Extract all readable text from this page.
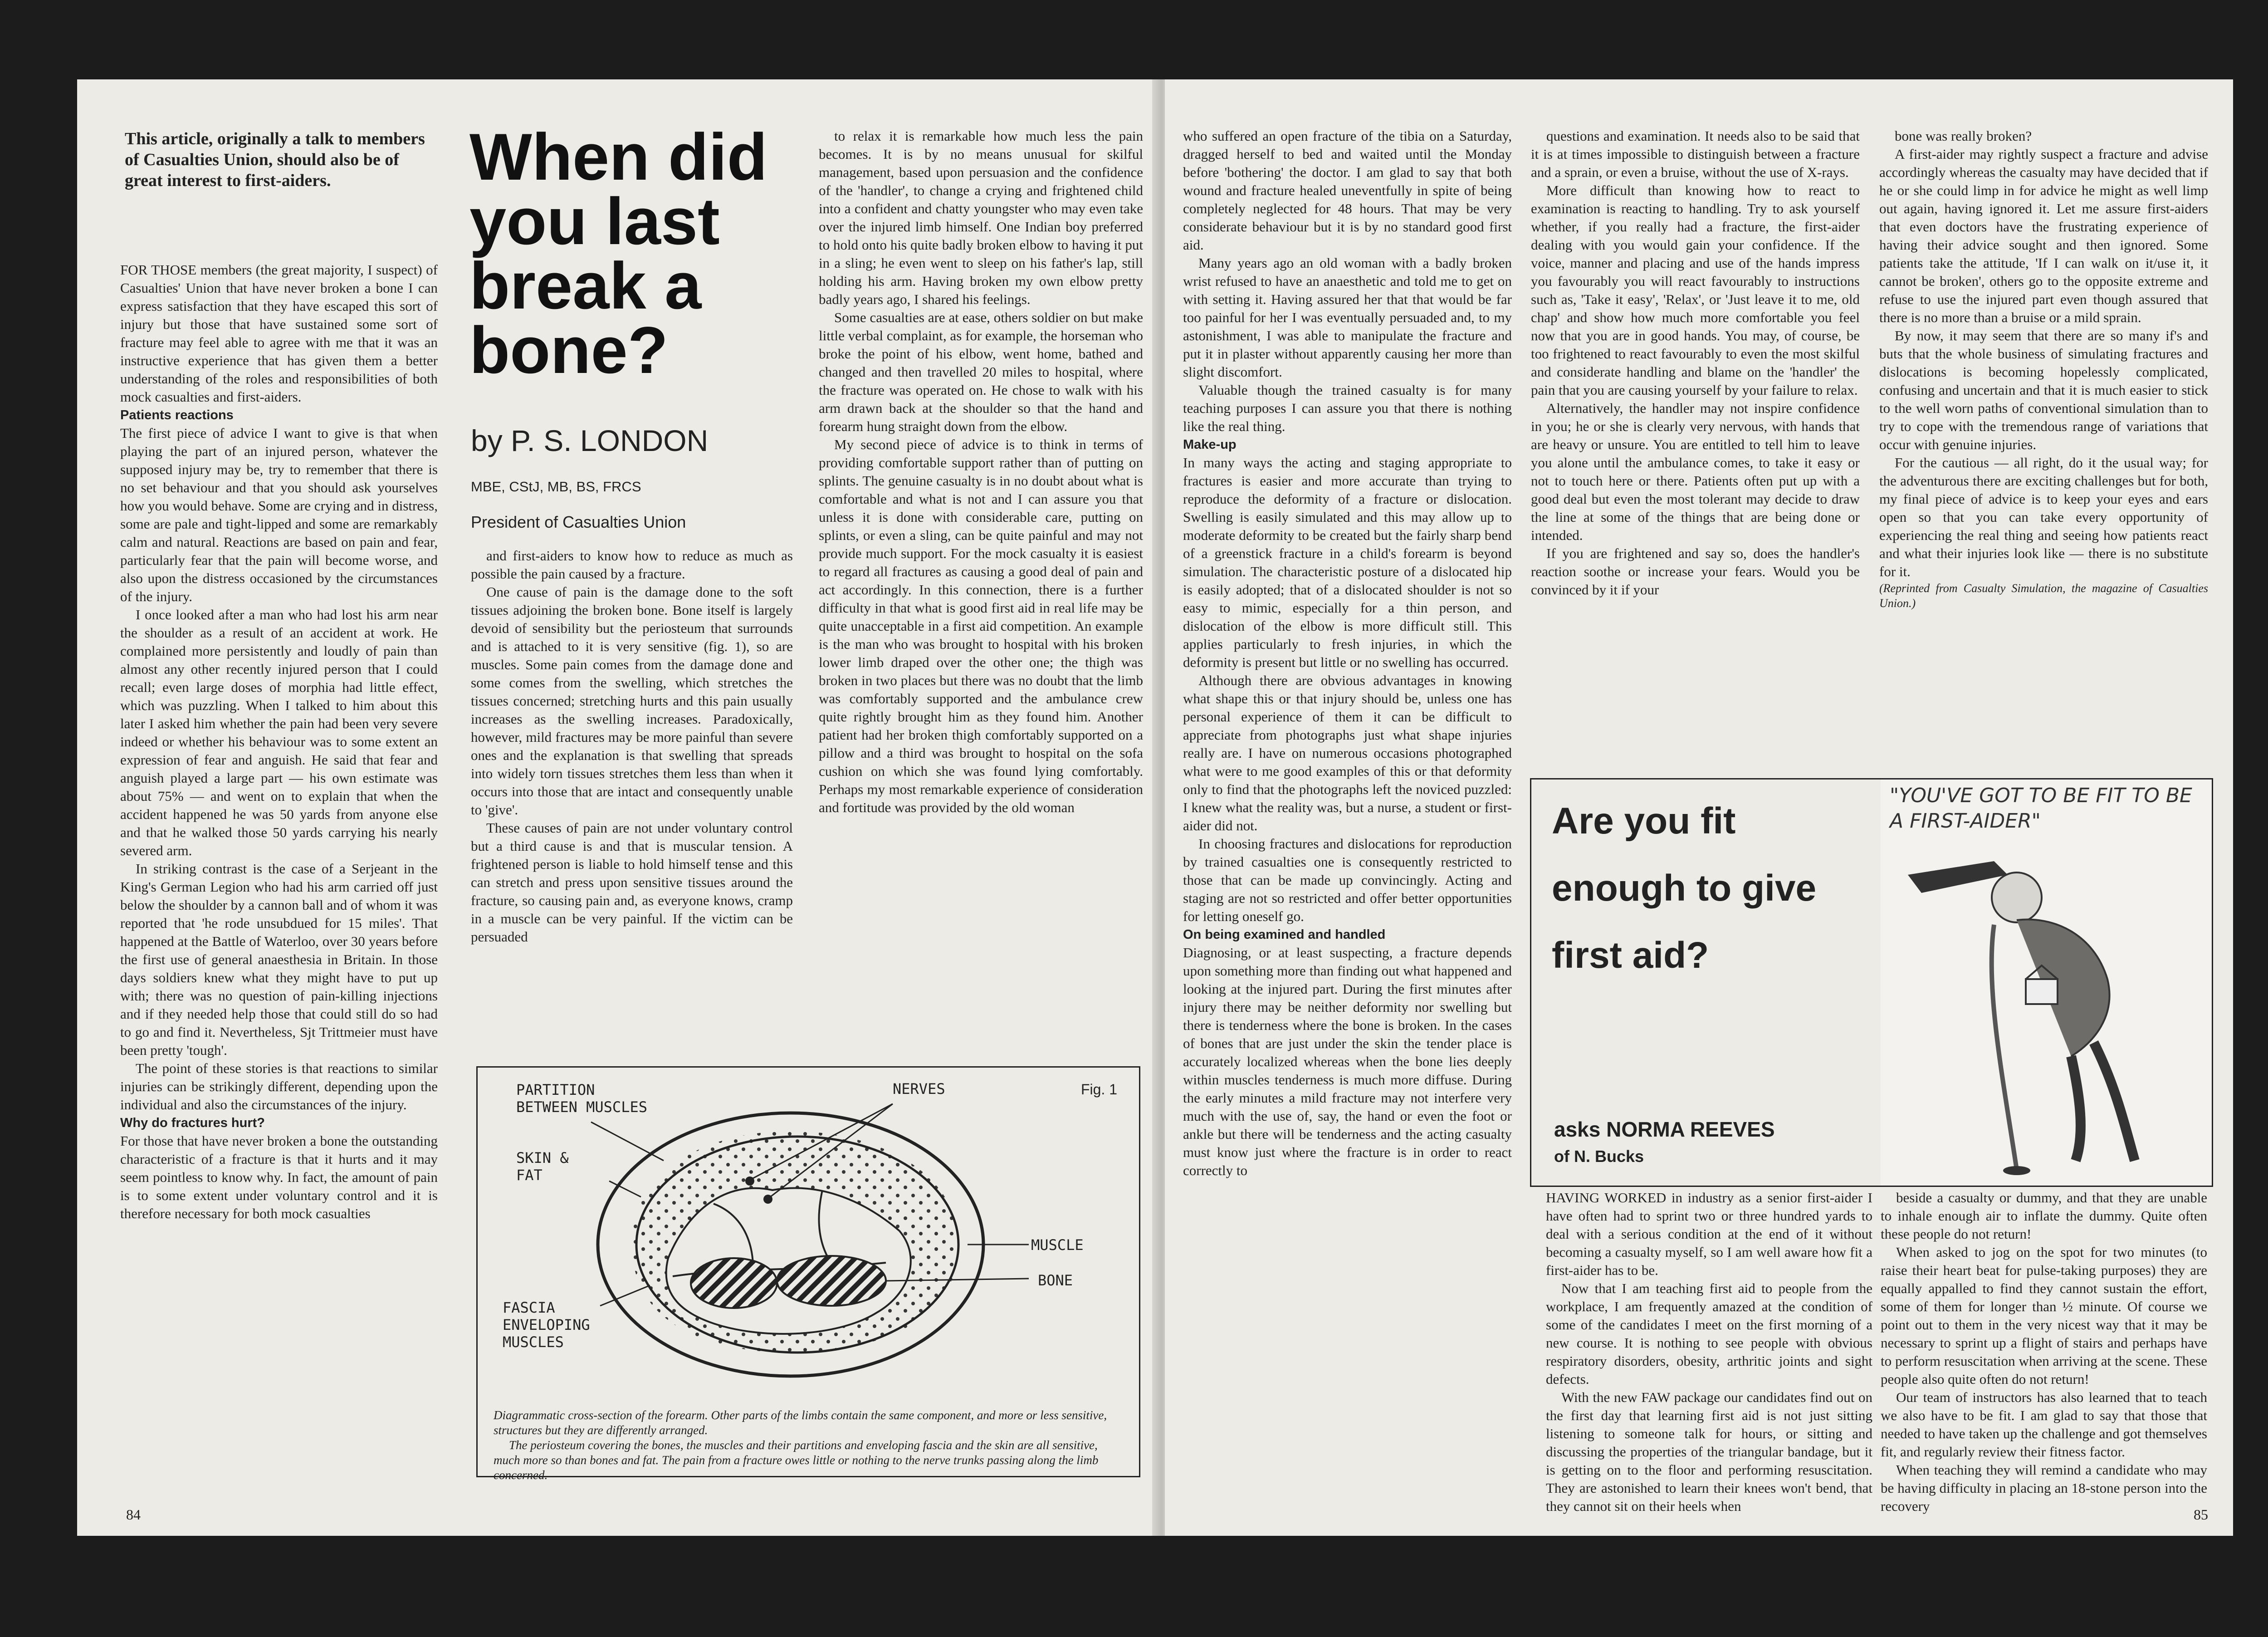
This article, originally a talk to members of Casualties Union, should also be of great interest to first-aiders.

FOR THOSE members (the great majority, I suspect) of Casualties' Union that have never broken a bone I can express satisfaction that they have escaped this sort of injury but those that have sustained some sort of fracture may feel able to agree with me that it was an instructive experience that has given them a better understanding of the roles and responsibilities of both mock casualties and first-aiders.

Patients reactions

The first piece of advice I want to give is that when playing the part of an injured person, whatever the supposed injury may be, try to remember that there is no set behaviour and that you should ask yourselves how you would behave. Some are crying and in distress, some are pale and tight-lipped and some are remarkably calm and natural. Reactions are based on pain and fear, particularly fear that the pain will become worse, and also upon the distress occasioned by the circumstances of the injury.

I once looked after a man who had lost his arm near the shoulder as a result of an accident at work. He complained more persistently and loudly of pain than almost any other recently injured person that I could recall; even large doses of morphia had little effect, which was puzzling. When I talked to him about this later I asked him whether the pain had been very severe indeed or whether his behaviour was to some extent an expression of fear and anguish. He said that fear and anguish played a large part — his own estimate was about 75% — and went on to explain that when the accident happened he was 50 yards from anyone else and that he walked those 50 yards carrying his nearly severed arm.

In striking contrast is the case of a Serjeant in the King's German Legion who had his arm carried off just below the shoulder by a cannon ball and of whom it was reported that 'he rode unsubdued for 15 miles'. That happened at the Battle of Waterloo, over 30 years before the first use of general anaesthesia in Britain. In those days soldiers knew what they might have to put up with; there was no question of pain-killing injections and if they needed help those that could still do so had to go and find it. Nevertheless, Sjt Trittmeier must have been pretty 'tough'.

The point of these stories is that reactions to similar injuries can be strikingly different, depending upon the individual and also the circumstances of the injury.

Why do fractures hurt?

For those that have never broken a bone the outstanding characteristic of a fracture is that it hurts and it may seem pointless to know why. In fact, the amount of pain is to some extent under voluntary control and it is therefore necessary for both mock casualties

When did you last break a bone?
by P. S. LONDON
MBE, CStJ, MB, BS, FRCS
President of Casualties Union

and first-aiders to know how to reduce as much as possible the pain caused by a fracture.

One cause of pain is the damage done to the soft tissues adjoining the broken bone. Bone itself is largely devoid of sensibility but the periosteum that surrounds and is attached to it is very sensitive (fig. 1), so are muscles. Some pain comes from the damage done and some comes from the swelling, which stretches the tissues concerned; stretching hurts and this pain usually increases as the swelling increases. Paradoxically, however, mild fractures may be more painful than severe ones and the explanation is that swelling that spreads into widely torn tissues stretches them less than when it occurs into those that are intact and consequently unable to 'give'.

These causes of pain are not under voluntary control but a third cause is and that is muscular tension. A frightened person is liable to hold himself tense and this can stretch and press upon sensitive tissues around the fracture, so causing pain and, as everyone knows, cramp in a muscle can be very painful. If the victim can be persuaded

to relax it is remarkable how much less the pain becomes. It is by no means unusual for skilful management, based upon persuasion and the confidence of the 'handler', to change a crying and frightened child into a confident and chatty youngster who may even take over the injured limb himself. One Indian boy preferred to hold onto his quite badly broken elbow to having it put in a sling; he even went to sleep on his father's lap, still holding his arm. Having broken my own elbow pretty badly years ago, I shared his feelings.

Some casualties are at ease, others soldier on but make little verbal complaint, as for example, the horseman who broke the point of his elbow, went home, bathed and changed and then travelled 20 miles to hospital, where the fracture was operated on. He chose to walk with his arm drawn back at the shoulder so that the hand and forearm hung straight down from the elbow.

My second piece of advice is to think in terms of providing comfortable support rather than of putting on splints. The genuine casualty is in no doubt about what is comfortable and what is not and I can assure you that unless it is done with considerable care, putting on splints, or even a sling, can be quite painful and may not provide much support. For the mock casualty it is easiest to regard all fractures as causing a good deal of pain and act accordingly. In this connection, there is a further difficulty in that what is good first aid in real life may be quite unacceptable in a first aid competition. An example is the man who was brought to hospital with his broken lower limb draped over the other one; the thigh was broken in two places but there was no doubt that the limb was comfortably supported and the ambulance crew quite rightly brought him as they found him. Another patient had her broken thigh comfortably supported on a pillow and a third was brought to hospital on the sofa cushion on which she was found lying comfortably. Perhaps my most remarkable experience of consideration and fortitude was provided by the old woman

Fig. 1
PARTITION BETWEEN MUSCLES
NERVES
SKIN & FAT
MUSCLE
BONE
FASCIA ENVELOPING MUSCLES
Diagrammatic cross-section of the forearm. Other parts of the limbs contain the same component, and more or less sensitive, structures but they are differently arranged.
The periosteum covering the bones, the muscles and their partitions and enveloping fascia and the skin are all sensitive, much more so than bones and fat. The pain from a fracture owes little or nothing to the nerve trunks passing along the limb concerned.
84

who suffered an open fracture of the tibia on a Saturday, dragged herself to bed and waited until the Monday before 'bothering' the doctor. I am glad to say that both wound and fracture healed uneventfully in spite of being completely neglected for 48 hours. That may be very considerate behaviour but it is by no standard good first aid.

Many years ago an old woman with a badly broken wrist refused to have an anaesthetic and told me to get on with setting it. Having assured her that that would be far too painful for her I was eventually persuaded and, to my astonishment, I was able to manipulate the fracture and put it in plaster without apparently causing her more than slight discomfort.

Valuable though the trained casualty is for many teaching purposes I can assure you that there is nothing like the real thing.

Make-up

In many ways the acting and staging appropriate to fractures is easier and more accurate than trying to reproduce the deformity of a fracture or dislocation. Swelling is easily simulated and this may allow up to moderate deformity to be created but the fairly sharp bend of a greenstick fracture in a child's forearm is beyond simulation. The characteristic posture of a dislocated hip is easily adopted; that of a dislocated shoulder is not so easy to mimic, especially for a thin person, and dislocation of the elbow is more difficult still. This applies particularly to fresh injuries, in which the deformity is present but little or no swelling has occurred.

Although there are obvious advantages in knowing what shape this or that injury should be, unless one has personal experience of them it can be difficult to appreciate from photographs just what shape injuries really are. I have on numerous occasions photographed what were to me good examples of this or that deformity only to find that the photographs left the noviced puzzled: I knew what the reality was, but a nurse, a student or first-aider did not.

In choosing fractures and dislocations for reproduction by trained casualties one is consequently restricted to those that can be made up convincingly. Acting and staging are not so restricted and offer better opportunities for letting oneself go.

On being examined and handled

Diagnosing, or at least suspecting, a fracture depends upon something more than finding out what happened and looking at the injured part. During the first minutes after injury there may be neither deformity nor swelling but there is tenderness where the bone is broken. In the cases of bones that are just under the skin the tender place is accurately localized whereas when the bone lies deeply within muscles tenderness is much more diffuse. During the early minutes a mild fracture may not interfere very much with the use of, say, the hand or even the foot or ankle but there will be tenderness and the acting casualty must know just where the fracture is in order to react correctly to

questions and examination. It needs also to be said that it is at times impossible to distinguish between a fracture and a sprain, or even a bruise, without the use of X-rays.

More difficult than knowing how to react to examination is reacting to handling. Try to ask yourself whether, if you really had a fracture, the first-aider dealing with you would gain your confidence. If the voice, manner and placing and use of the hands impress you favourably you will react favourably to instructions such as, 'Take it easy', 'Relax', or 'Just leave it to me, old chap' and show how much more comfortable you feel now that you are in good hands. You may, of course, be too frightened to react favourably to even the most skilful and considerate handling and blame on the 'handler' the pain that you are causing yourself by your failure to relax.

Alternatively, the handler may not inspire confidence in you; he or she is clearly very nervous, with hands that are heavy or unsure. You are entitled to tell him to leave you alone until the ambulance comes, to take it easy or not to touch here or there. Patients often put up with a good deal but even the most tolerant may decide to draw the line at some of the things that are being done or intended.

If you are frightened and say so, does the handler's reaction soothe or increase your fears. Would you be convinced by it if your

bone was really broken?

A first-aider may rightly suspect a fracture and advise accordingly whereas the casualty may have decided that if he or she could limp in for advice he might as well limp out again, having ignored it. Let me assure first-aiders that even doctors have the frustrating experience of having their advice sought and then ignored. Some patients take the attitude, 'If I can walk on it/use it, it cannot be broken', others go to the opposite extreme and refuse to use the injured part even though assured that there is no more than a bruise or a mild sprain.

By now, it may seem that there are so many if's and buts that the whole business of simulating fractures and dislocations is becoming hopelessly complicated, confusing and uncertain and that it is much easier to stick to the well worn paths of conventional simulation than to try to cope with the tremendous range of variations that occur with genuine injuries.

For the cautious — all right, do it the usual way; for the adventurous there are exciting challenges but for both, my final piece of advice is to keep your eyes and ears open so that you can take every opportunity of experiencing the real thing and seeing how patients react and what their injuries look like — there is no substitute for it.

(Reprinted from Casualty Simulation, the magazine of Casualties Union.)
Are you fit enough to give first aid?
asks NORMA REEVES
of N. Bucks
"YOU'VE GOT TO BE FIT TO BE A FIRST-AIDER"

HAVING WORKED in industry as a senior first-aider I have often had to sprint two or three hundred yards to deal with a serious condition at the end of it without becoming a casualty myself, so I am well aware how fit a first-aider has to be.

Now that I am teaching first aid to people from the workplace, I am frequently amazed at the condition of some of the candidates I meet on the first morning of a new course. It is nothing to see people with obvious respiratory disorders, obesity, arthritic joints and sight defects.

With the new FAW package our candidates find out on the first day that learning first aid is not just sitting listening to someone talk for hours, or sitting and discussing the properties of the triangular bandage, but it is getting on to the floor and performing resuscitation. They are astonished to learn their knees won't bend, that they cannot sit on their heels when

beside a casualty or dummy, and that they are unable to inhale enough air to inflate the dummy. Quite often these people do not return!

When asked to jog on the spot for two minutes (to raise their heart beat for pulse-taking purposes) they are equally appalled to find they cannot sustain the effort, some of them for longer than ½ minute. Of course we point out to them in the very nicest way that it may be necessary to sprint up a flight of stairs and perhaps have to perform resuscitation when arriving at the scene. These people also quite often do not return!

Our team of instructors has also learned that to teach we also have to be fit. I am glad to say that those that needed to have taken up the challenge and got themselves fit, and regularly review their fitness factor.

When teaching they will remind a candidate who may be having difficulty in placing an 18-stone person into the recovery

85
